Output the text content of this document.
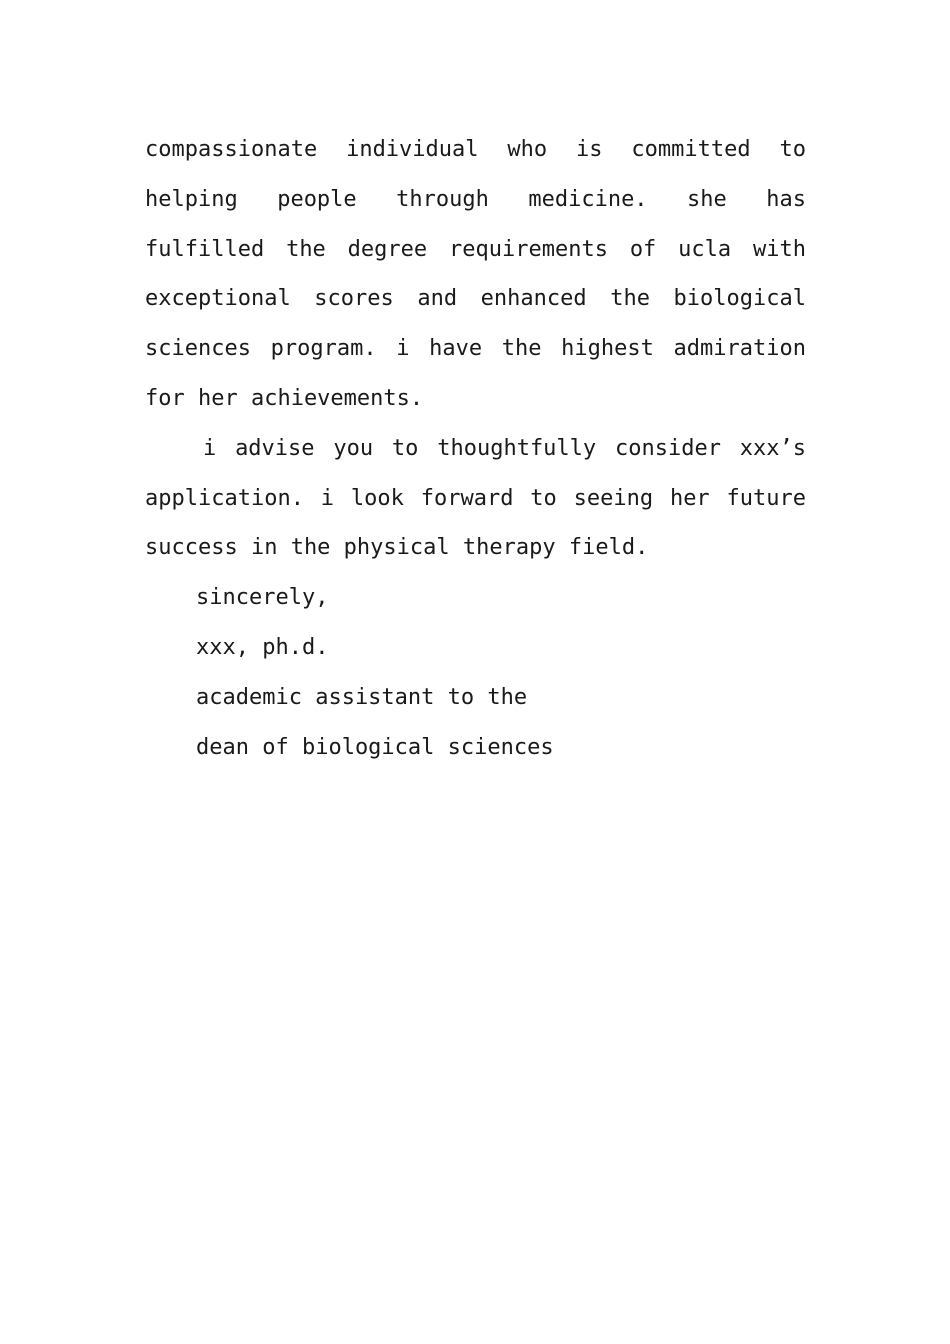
compassionate individual who is committed to helping people through medicine. she has fulfilled the degree requirements of ucla with exceptional scores and enhanced the biological sciences program. i have the highest admiration for her achievements.

i advise you to thoughtfully consider xxx’s application. i look forward to seeing her future success in the physical therapy field.

sincerely,

xxx, ph.d.

academic assistant to the

dean of biological sciences
